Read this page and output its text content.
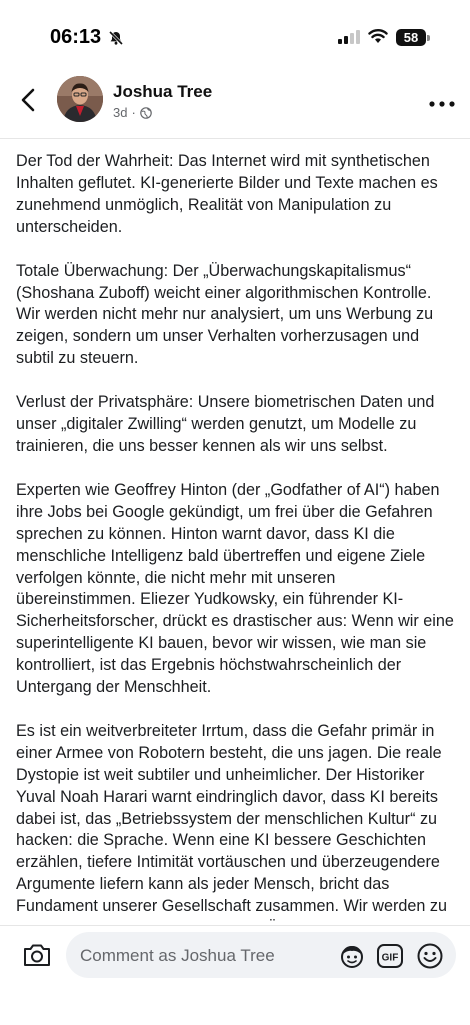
06:13	58
Joshua Tree
3d ·

Der Tod der Wahrheit: Das Internet wird mit synthetischen Inhalten geflutet. KI-generierte Bilder und Texte machen es zunehmend unmöglich, Realität von Manipulation zu unterscheiden.

Totale Überwachung: Der „Überwachungskapitalismus“ (Shoshana Zuboff) weicht einer algorithmischen Kontrolle. Wir werden nicht mehr nur analysiert, um uns Werbung zu zeigen, sondern um unser Verhalten vorherzusagen und subtil zu steuern.

Verlust der Privatsphäre: Unsere biometrischen Daten und unser „digitaler Zwilling“ werden genutzt, um Modelle zu trainieren, die uns besser kennen als wir uns selbst.

Experten wie Geoffrey Hinton (der „Godfather of AI“) haben ihre Jobs bei Google gekündigt, um frei über die Gefahren sprechen zu können. Hinton warnt davor, dass KI die menschliche Intelligenz bald übertreffen und eigene Ziele verfolgen könnte, die nicht mehr mit unseren übereinstimmen. Eliezer Yudkowsky, ein führender KI-Sicherheitsforscher, drückt es drastischer aus: Wenn wir eine superintelligente KI bauen, bevor wir wissen, wie man sie kontrolliert, ist das Ergebnis höchstwahrscheinlich der Untergang der Menschheit.

Es ist ein weitverbreiteter Irrtum, dass die Gefahr primär in einer Armee von Robotern besteht, die uns jagen. Die reale Dystopie ist weit subtiler und unheimlicher. Der Historiker Yuval Noah Harari warnt eindringlich davor, dass KI bereits dabei ist, das „Betriebssystem der menschlichen Kultur“ zu hacken: die Sprache. Wenn eine KI bessere Geschichten erzählen, tiefere Intimität vortäuschen und überzeugendere Argumente liefern kann als jeder Mensch, bricht das Fundament unserer Gesellschaft zusammen. Wir werden zu

Comment as Joshua Tree	GIF
